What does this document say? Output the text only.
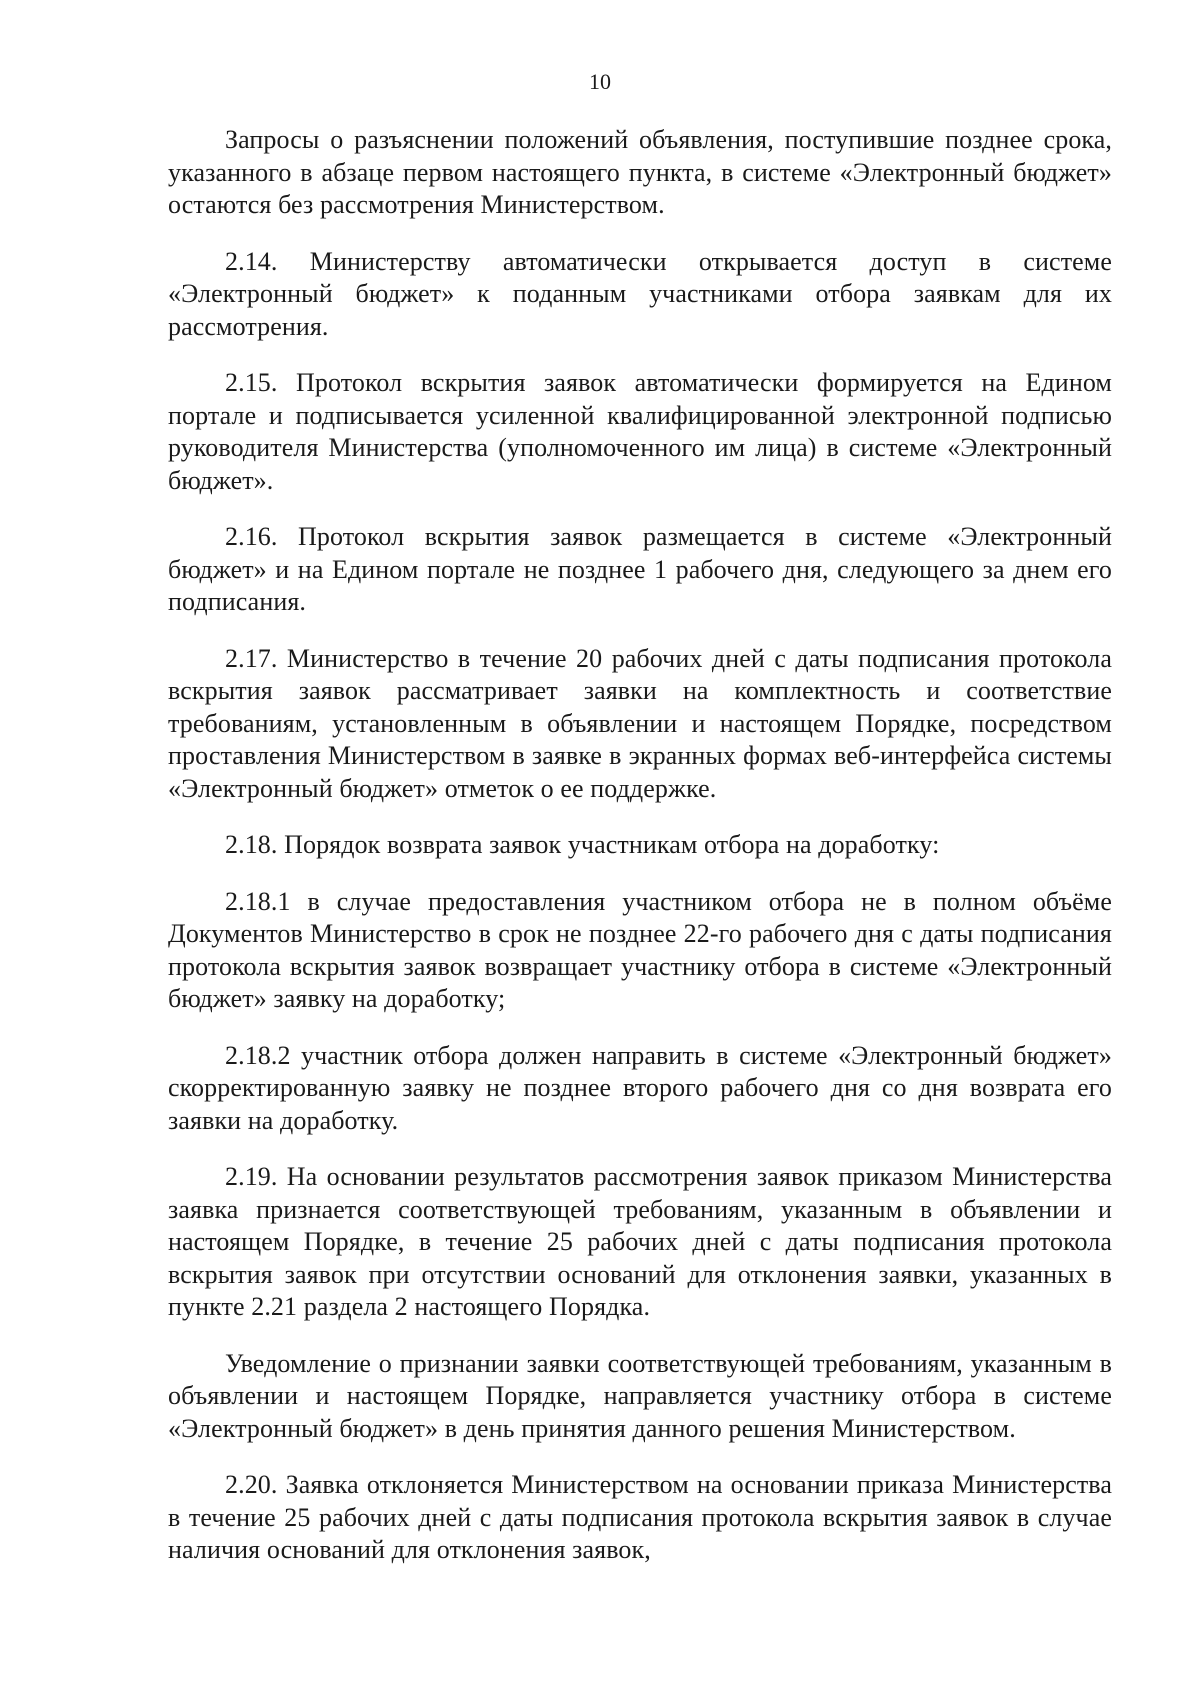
10

Запросы о разъяснении положений объявления, поступившие позднее срока, указанного в абзаце первом настоящего пункта, в системе «Электронный бюджет» остаются без рассмотрения Министерством.

2.14. Министерству автоматически открывается доступ в системе «Электронный бюджет» к поданным участниками отбора заявкам для их рассмотрения.

2.15. Протокол вскрытия заявок автоматически формируется на Едином портале и подписывается усиленной квалифицированной электронной подписью руководителя Министерства (уполномоченного им лица) в системе «Электронный бюджет».

2.16. Протокол вскрытия заявок размещается в системе «Электронный бюджет» и на Едином портале не позднее 1 рабочего дня, следующего за днем его подписания.

2.17. Министерство в течение 20 рабочих дней с даты подписания протокола вскрытия заявок рассматривает заявки на комплектность и соответствие требованиям, установленным в объявлении и настоящем Порядке, посредством проставления Министерством в заявке в экранных формах веб-интерфейса системы «Электронный бюджет» отметок о ее поддержке.

2.18. Порядок возврата заявок участникам отбора на доработку:

2.18.1 в случае предоставления участником отбора не в полном объёме Документов Министерство в срок не позднее 22-го рабочего дня с даты подписания протокола вскрытия заявок возвращает участнику отбора в системе «Электронный бюджет» заявку на доработку;

2.18.2 участник отбора должен направить в системе «Электронный бюджет» скорректированную заявку не позднее второго рабочего дня со дня возврата его заявки на доработку.

2.19. На основании результатов рассмотрения заявок приказом Министерства заявка признается соответствующей требованиям, указанным в объявлении и настоящем Порядке, в течение 25 рабочих дней с даты подписания протокола вскрытия заявок при отсутствии оснований для отклонения заявки, указанных в пункте 2.21 раздела 2 настоящего Порядка.

Уведомление о признании заявки соответствующей требованиям, указанным в объявлении и настоящем Порядке, направляется участнику отбора в системе «Электронный бюджет» в день принятия данного решения Министерством.

2.20. Заявка отклоняется Министерством на основании приказа Министерства в течение 25 рабочих дней с даты подписания протокола вскрытия заявок в случае наличия оснований для отклонения заявок,
